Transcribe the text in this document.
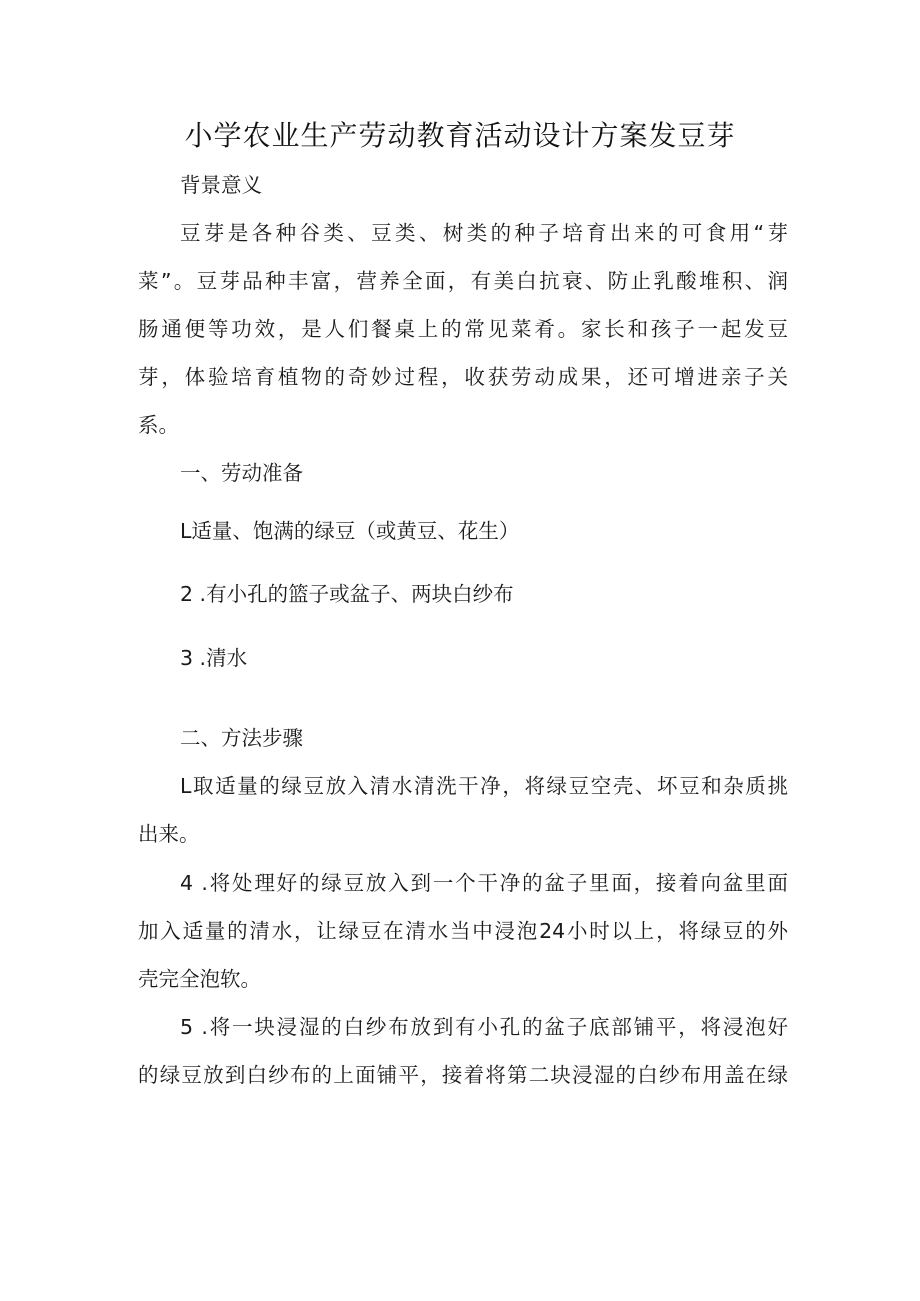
小学农业生产劳动教育活动设计方案发豆芽
背景意义
豆芽是各种谷类、豆类、树类的种子培育出来的可食用“芽
菜”。豆芽品种丰富，营养全面，有美白抗衰、防止乳酸堆积、润
肠通便等功效，是人们餐桌上的常见菜肴。家长和孩子一起发豆
芽，体验培育植物的奇妙过程，收获劳动成果，还可增进亲子关
系。
一、劳动准备
L适量、饱满的绿豆（或黄豆、花生）
2 .有小孔的篮子或盆子、两块白纱布
3 .清水
二、方法步骤
L取适量的绿豆放入清水清洗干净，将绿豆空壳、坏豆和杂质挑
出来。
4 .将处理好的绿豆放入到一个干净的盆子里面，接着向盆里面
加入适量的清水，让绿豆在清水当中浸泡24小时以上，将绿豆的外
壳完全泡软。
5 .将一块浸湿的白纱布放到有小孔的盆子底部铺平，将浸泡好
的绿豆放到白纱布的上面铺平，接着将第二块浸湿的白纱布用盖在绿
